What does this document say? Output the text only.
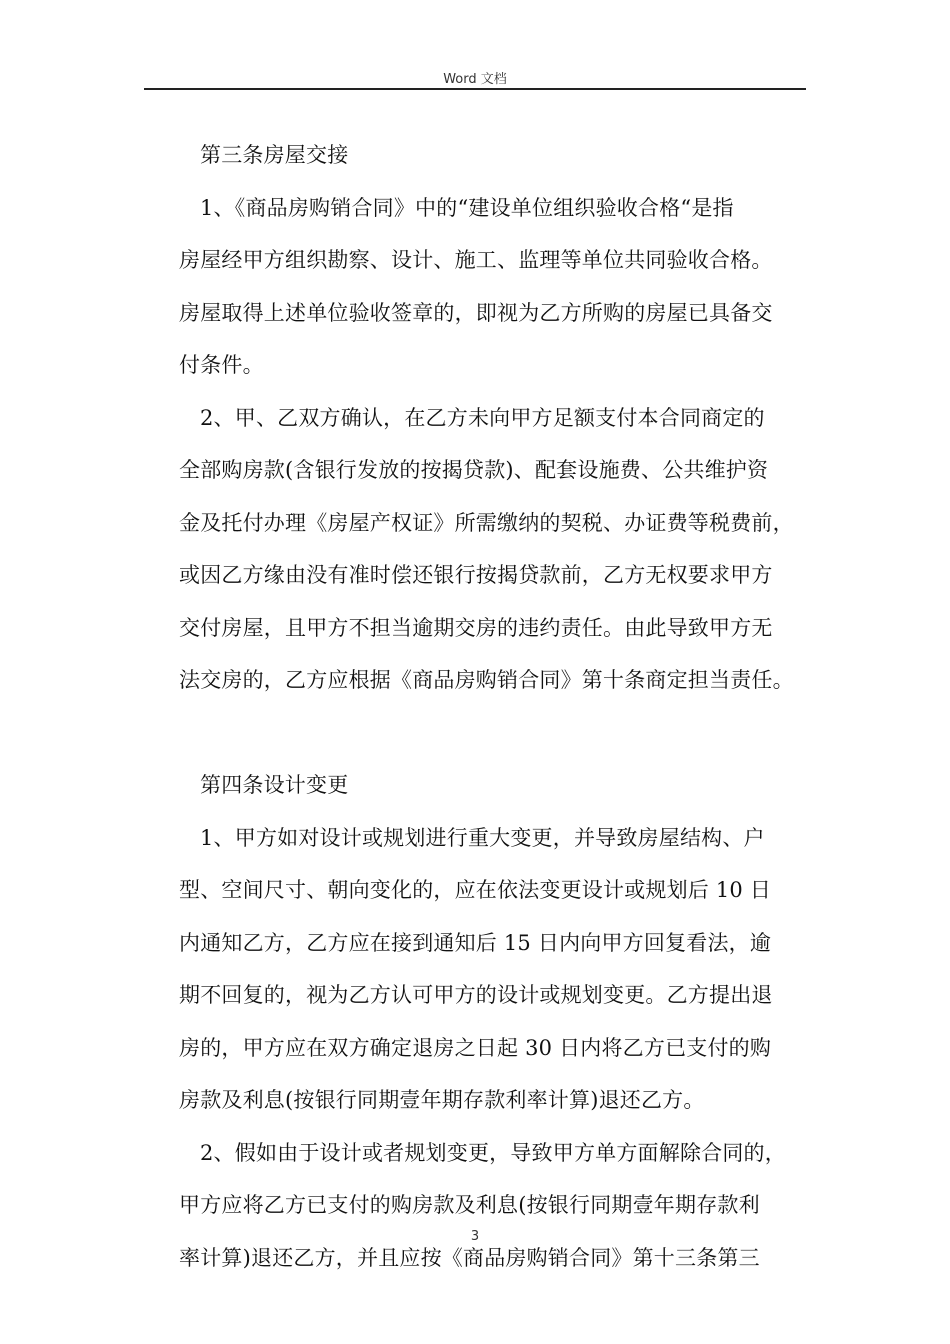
Word 文档
第三条房屋交接
1、《商品房购销合同》中的“建设单位组织验收合格“是指
房屋经甲方组织勘察、设计、施工、监理等单位共同验收合格。
房屋取得上述单位验收签章的，即视为乙方所购的房屋已具备交
付条件。
2、甲、乙双方确认，在乙方未向甲方足额支付本合同商定的
全部购房款(含银行发放的按揭贷款)、配套设施费、公共维护资
金及托付办理《房屋产权证》所需缴纳的契税、办证费等税费前，
或因乙方缘由没有准时偿还银行按揭贷款前，乙方无权要求甲方
交付房屋，且甲方不担当逾期交房的违约责任。由此导致甲方无
法交房的，乙方应根据《商品房购销合同》第十条商定担当责任。
第四条设计变更
1、甲方如对设计或规划进行重大变更，并导致房屋结构、户
型、空间尺寸、朝向变化的，应在依法变更设计或规划后 10 日
内通知乙方，乙方应在接到通知后 15 日内向甲方回复看法，逾
期不回复的，视为乙方认可甲方的设计或规划变更。乙方提出退
房的，甲方应在双方确定退房之日起 30 日内将乙方已支付的购
房款及利息(按银行同期壹年期存款利率计算)退还乙方。
2、假如由于设计或者规划变更，导致甲方单方面解除合同的，
甲方应将乙方已支付的购房款及利息(按银行同期壹年期存款利
率计算)退还乙方，并且应按《商品房购销合同》第十三条第三
3
